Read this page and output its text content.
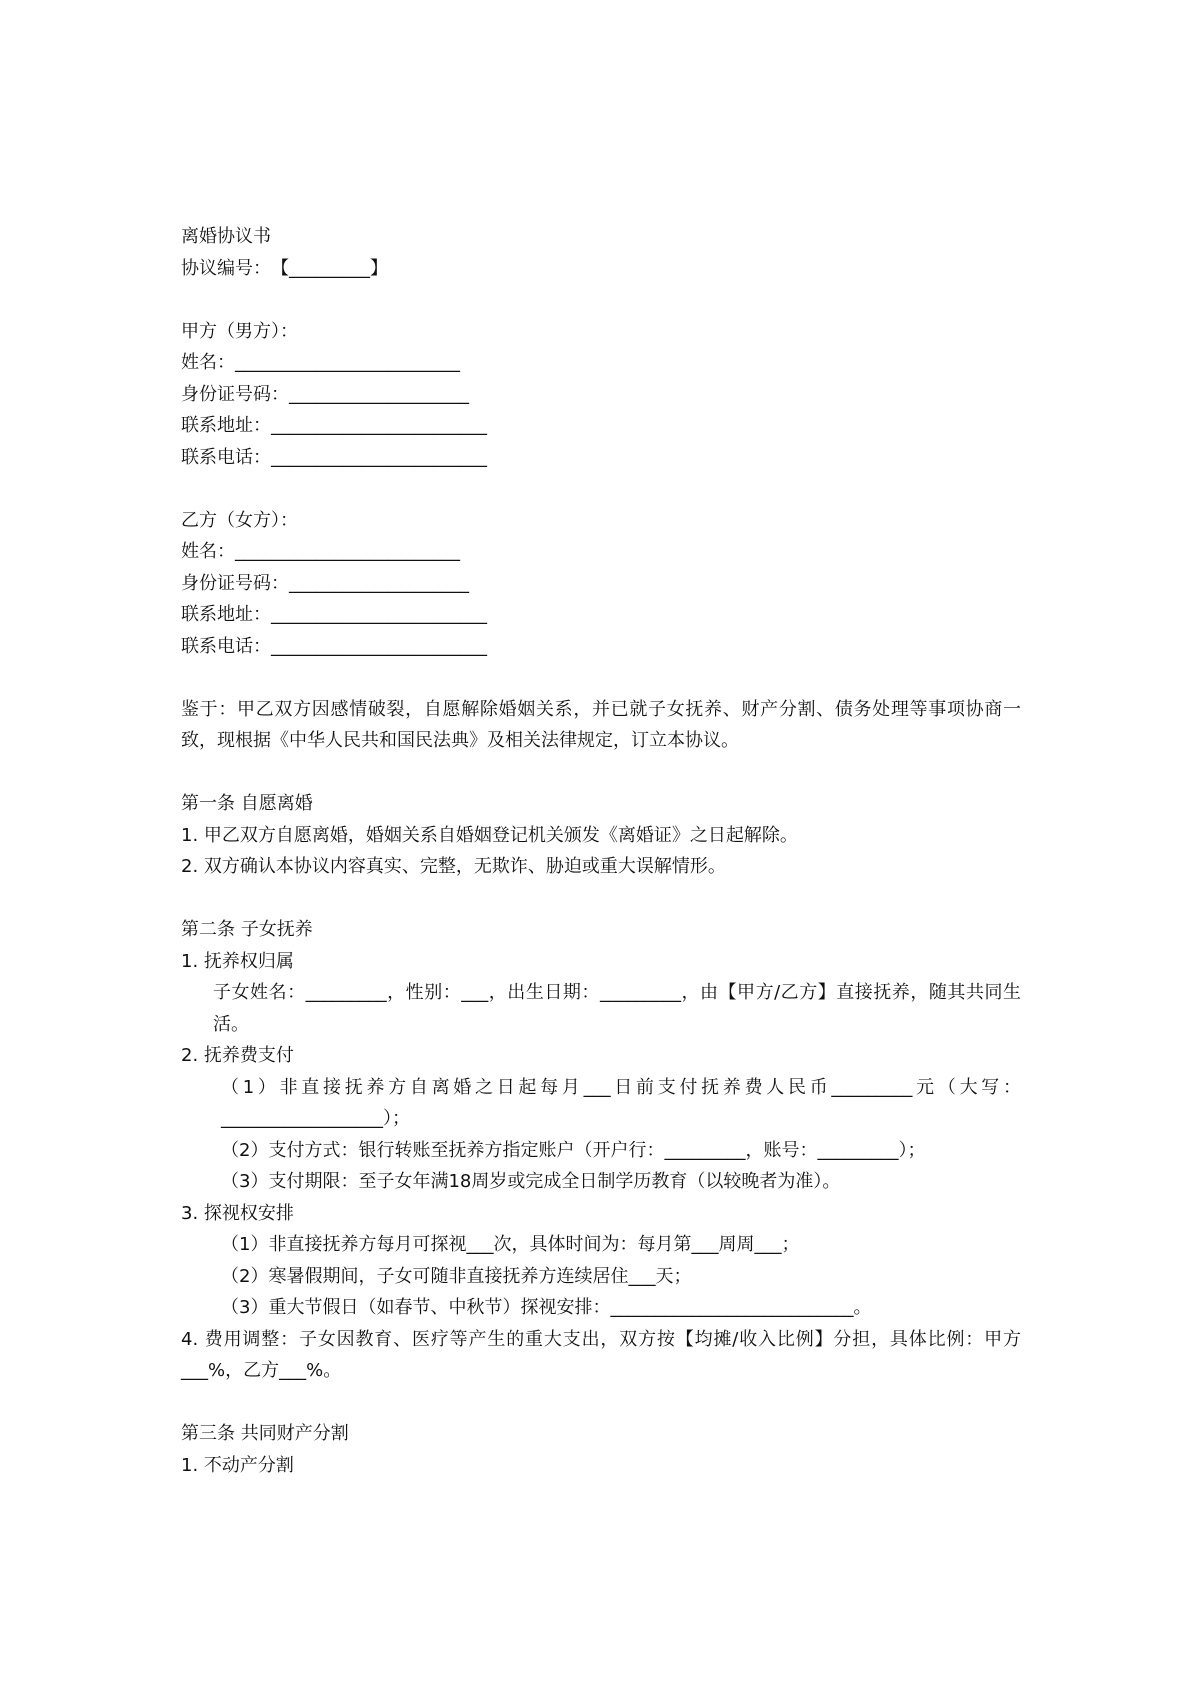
离婚协议书
协议编号：　【_________】
甲方（男方）：
姓名：_________________________
身份证号码：____________________
联系地址：________________________
联系电话：________________________
乙方（女方）：
姓名：_________________________
身份证号码：____________________
联系地址：________________________
联系电话：________________________
鉴于：甲乙双方因感情破裂，自愿解除婚姻关系，并已就子女抚养、财产分割、债务处理等事项协商一致，现根据《中华人民共和国民法典》及相关法律规定，订立本协议。
第一条 自愿离婚
1. 甲乙双方自愿离婚，婚姻关系自婚姻登记机关颁发《离婚证》之日起解除。
2. 双方确认本协议内容真实、完整，无欺诈、胁迫或重大误解情形。
第二条 子女抚养
1. 抚养权归属
子女姓名：_________，性别：___，出生日期：_________，由【甲方/乙方】直接抚养，随其共同生活。
2. 抚养费支付
（1）非直接抚养方自离婚之日起每月___日前支付抚养费人民币_________元（大写：__________________）；
（2）支付方式：银行转账至抚养方指定账户（开户行：_________，账号：_________）；
（3）支付期限：至子女年满18周岁或完成全日制学历教育（以较晚者为准）。
3. 探视权安排
（1）非直接抚养方每月可探视___次，具体时间为：每月第___周周___；
（2）寒暑假期间，子女可随非直接抚养方连续居住___天；
（3）重大节假日（如春节、中秋节）探视安排：___________________________。
4. 费用调整：子女因教育、医疗等产生的重大支出，双方按【均摊/收入比例】分担，具体比例：甲方___%，乙方___%。
第三条 共同财产分割
1. 不动产分割
